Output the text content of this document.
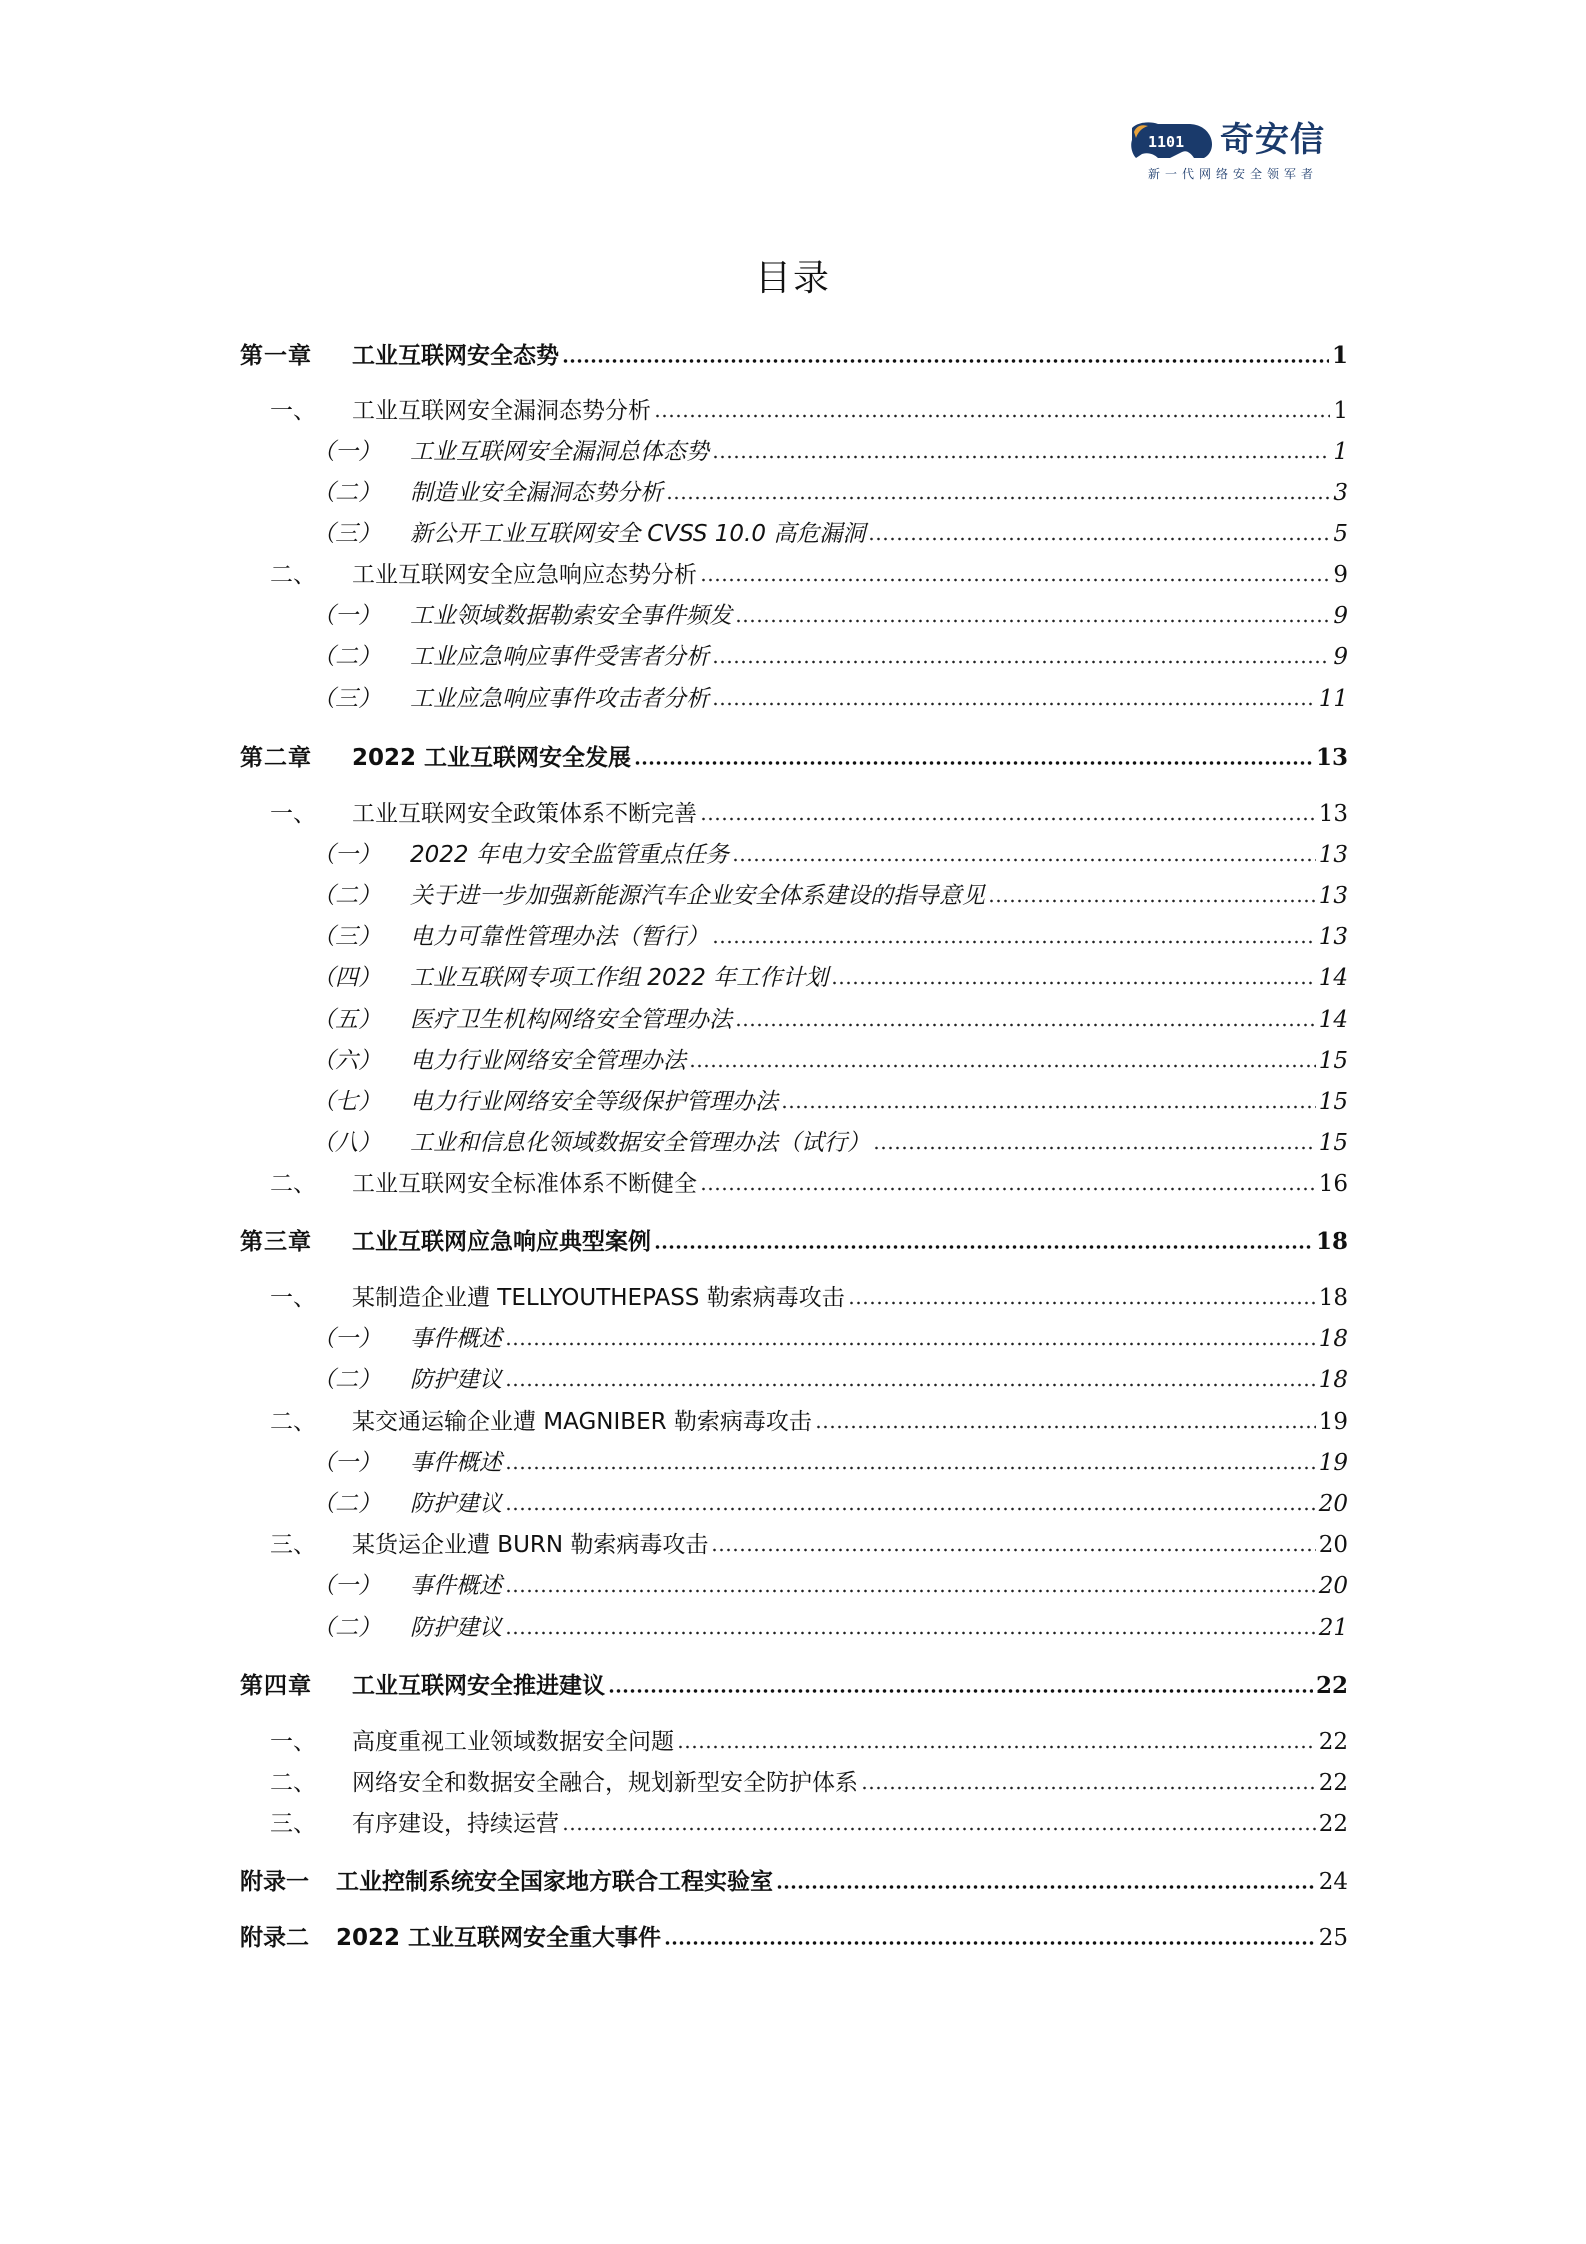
1101 奇安信
新一代网络安全领军者
目录
第一章	工业互联网安全态势	1
一、	工业互联网安全漏洞态势分析	1
（一）	工业互联网安全漏洞总体态势	1
（二）	制造业安全漏洞态势分析	3
（三）	新公开工业互联网安全 CVSS 10.0 高危漏洞	5
二、	工业互联网安全应急响应态势分析	9
（一）	工业领域数据勒索安全事件频发	9
（二）	工业应急响应事件受害者分析	9
（三）	工业应急响应事件攻击者分析	11
第二章	2022 工业互联网安全发展	13
一、	工业互联网安全政策体系不断完善	13
（一）	2022 年电力安全监管重点任务	13
（二）	关于进一步加强新能源汽车企业安全体系建设的指导意见	13
（三）	电力可靠性管理办法（暂行）	13
（四）	工业互联网专项工作组 2022 年工作计划	14
（五）	医疗卫生机构网络安全管理办法	14
（六）	电力行业网络安全管理办法	15
（七）	电力行业网络安全等级保护管理办法	15
（八）	工业和信息化领域数据安全管理办法（试行）	15
二、	工业互联网安全标准体系不断健全	16
第三章	工业互联网应急响应典型案例	18
一、	某制造企业遭 TELLYOUTHEPASS 勒索病毒攻击	18
（一）	事件概述	18
（二）	防护建议	18
二、	某交通运输企业遭 MAGNIBER 勒索病毒攻击	19
（一）	事件概述	19
（二）	防护建议	20
三、	某货运企业遭 BURN 勒索病毒攻击	20
（一）	事件概述	20
（二）	防护建议	21
第四章	工业互联网安全推进建议	22
一、	高度重视工业领域数据安全问题	22
二、	网络安全和数据安全融合，规划新型安全防护体系	22
三、	有序建设，持续运营	22
附录一	工业控制系统安全国家地方联合工程实验室	24
附录二	2022 工业互联网安全重大事件	25
